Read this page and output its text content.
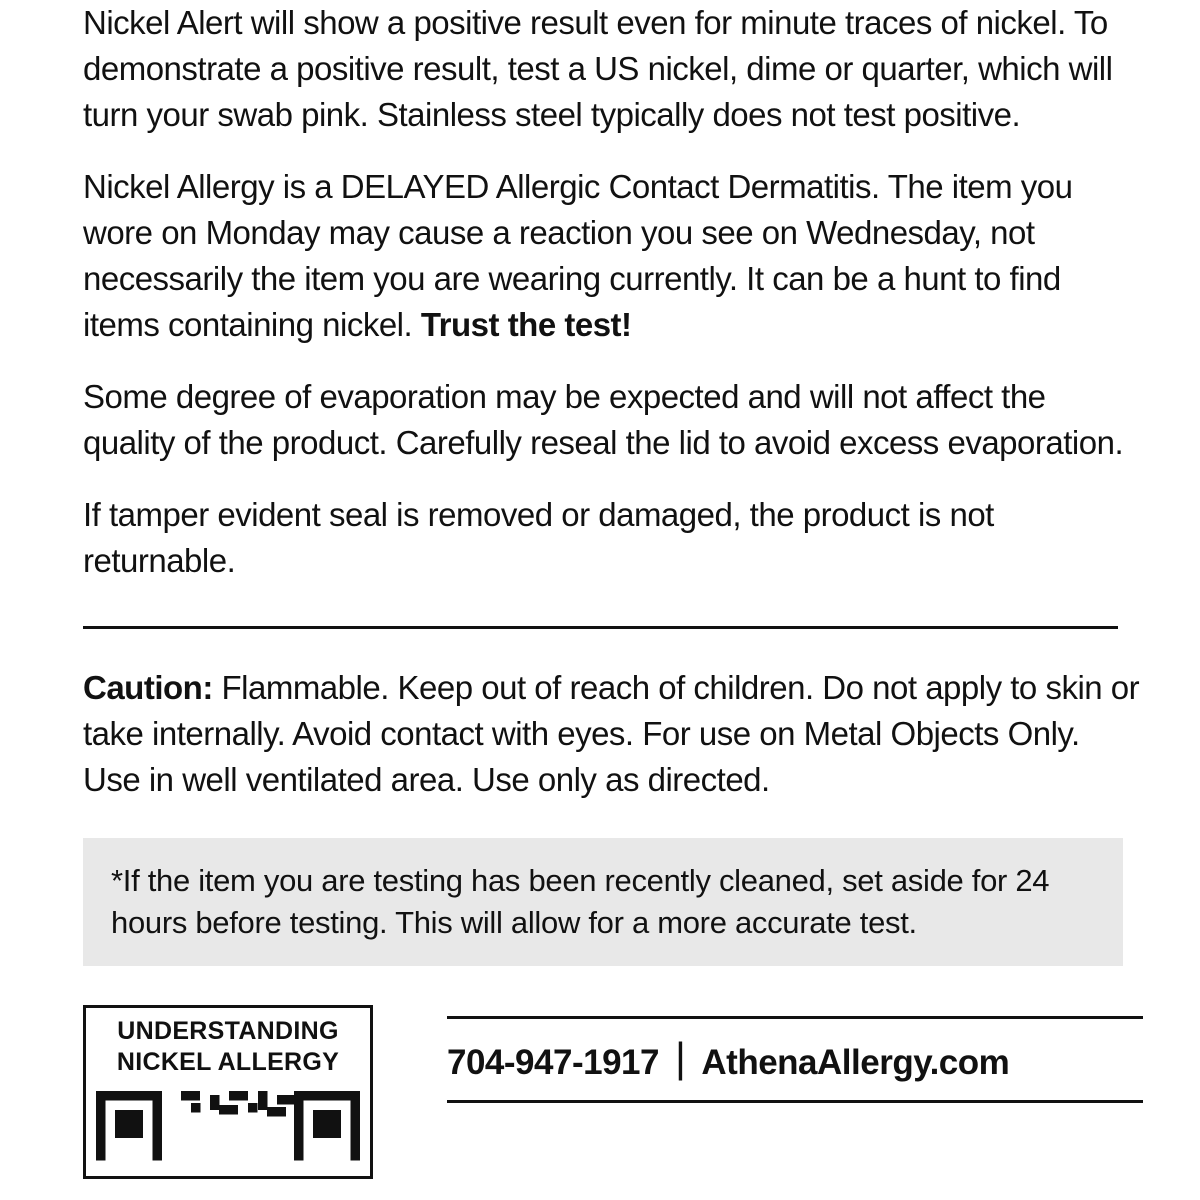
Nickel Alert will show a positive result even for minute traces of nickel. To demonstrate a positive result, test a US nickel, dime or quarter, which will turn your swab pink. Stainless steel typically does not test positive.

Nickel Allergy is a DELAYED Allergic Contact Dermatitis. The item you wore on Monday may cause a reaction you see on Wednesday, not necessarily the item you are wearing currently. It can be a hunt to find items containing nickel. Trust the test!

Some degree of evaporation may be expected and will not affect the quality of the product. Carefully reseal the lid to avoid excess evaporation.

If tamper evident seal is removed or damaged, the product is not returnable.

Caution: Flammable. Keep out of reach of children. Do not apply to skin or take internally. Avoid contact with eyes. For use on Metal Objects Only. Use in well ventilated area. Use only as directed.

*If the item you are testing has been recently cleaned, set aside for 24 hours before testing. This will allow for a more accurate test.
UNDERSTANDING
NICKEL ALLERGY	704-947-1917 | AthenaAllergy.com
